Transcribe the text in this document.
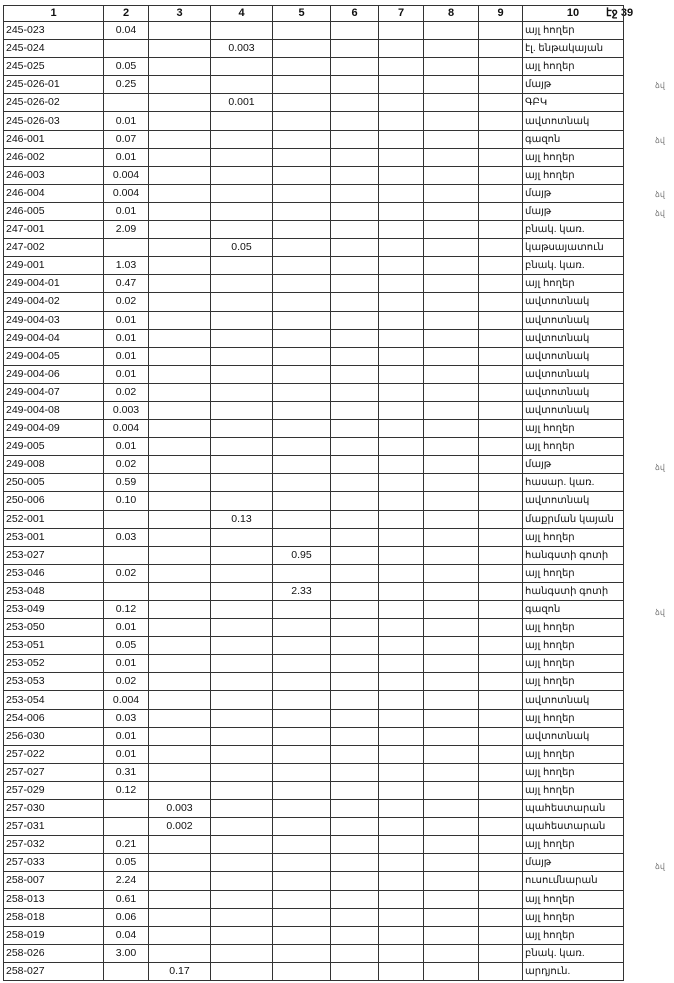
էջ 39
1	2	3	4	5	6	7	8	9	10
245-023	0.04								այլ հողեր
245-024			0.003						էլ. ենթակայան
245-025	0.05								այլ հողեր
245-026-01	0.25								մայթ
245-026-02			0.001						ԳԲԿ
245-026-03	0.01								ավտոտնակ
246-001	0.07								գազոն
246-002	0.01								այլ հողեր
246-003	0.004								այլ հողեր
246-004	0.004								մայթ
246-005	0.01								մայթ
247-001	2.09								բնակ. կառ.
247-002			0.05						կաթսայատուն
249-001	1.03								բնակ. կառ.
249-004-01	0.47								այլ հողեր
249-004-02	0.02								ավտոտնակ
249-004-03	0.01								ավտոտնակ
249-004-04	0.01								ավտոտնակ
249-004-05	0.01								ավտոտնակ
249-004-06	0.01								ավտոտնակ
249-004-07	0.02								ավտոտնակ
249-004-08	0.003								ավտոտնակ
249-004-09	0.004								այլ հողեր
249-005	0.01								այլ հողեր
249-008	0.02								մայթ
250-005	0.59								հասար. կառ.
250-006	0.10								ավտոտնակ
252-001			0.13						մաքրման կայան
253-001	0.03								այլ հողեր
253-027				0.95					հանգստի գոտի
253-046	0.02								այլ հողեր
253-048				2.33					հանգստի գոտի
253-049	0.12								գազոն
253-050	0.01								այլ հողեր
253-051	0.05								այլ հողեր
253-052	0.01								այլ հողեր
253-053	0.02								այլ հողեր
253-054	0.004								ավտոտնակ
254-006	0.03								այլ հողեր
256-030	0.01								ավտոտնակ
257-022	0.01								այլ հողեր
257-027	0.31								այլ հողեր
257-029	0.12								այլ հողեր
257-030		0.003							պահեստարան
257-031		0.002							պահեստարան
257-032	0.21								այլ հողեր
257-033	0.05								մայթ
258-007	2.24								ուսումնարան
258-013	0.61								այլ հողեր
258-018	0.06								այլ հողեր
258-019	0.04								այլ հողեր
258-026	3.00								բնակ. կառ.
258-027		0.17							արդյուն.
ձվ
ձվ
ձվ
ձվ
ձվ
ձվ
ձվ
